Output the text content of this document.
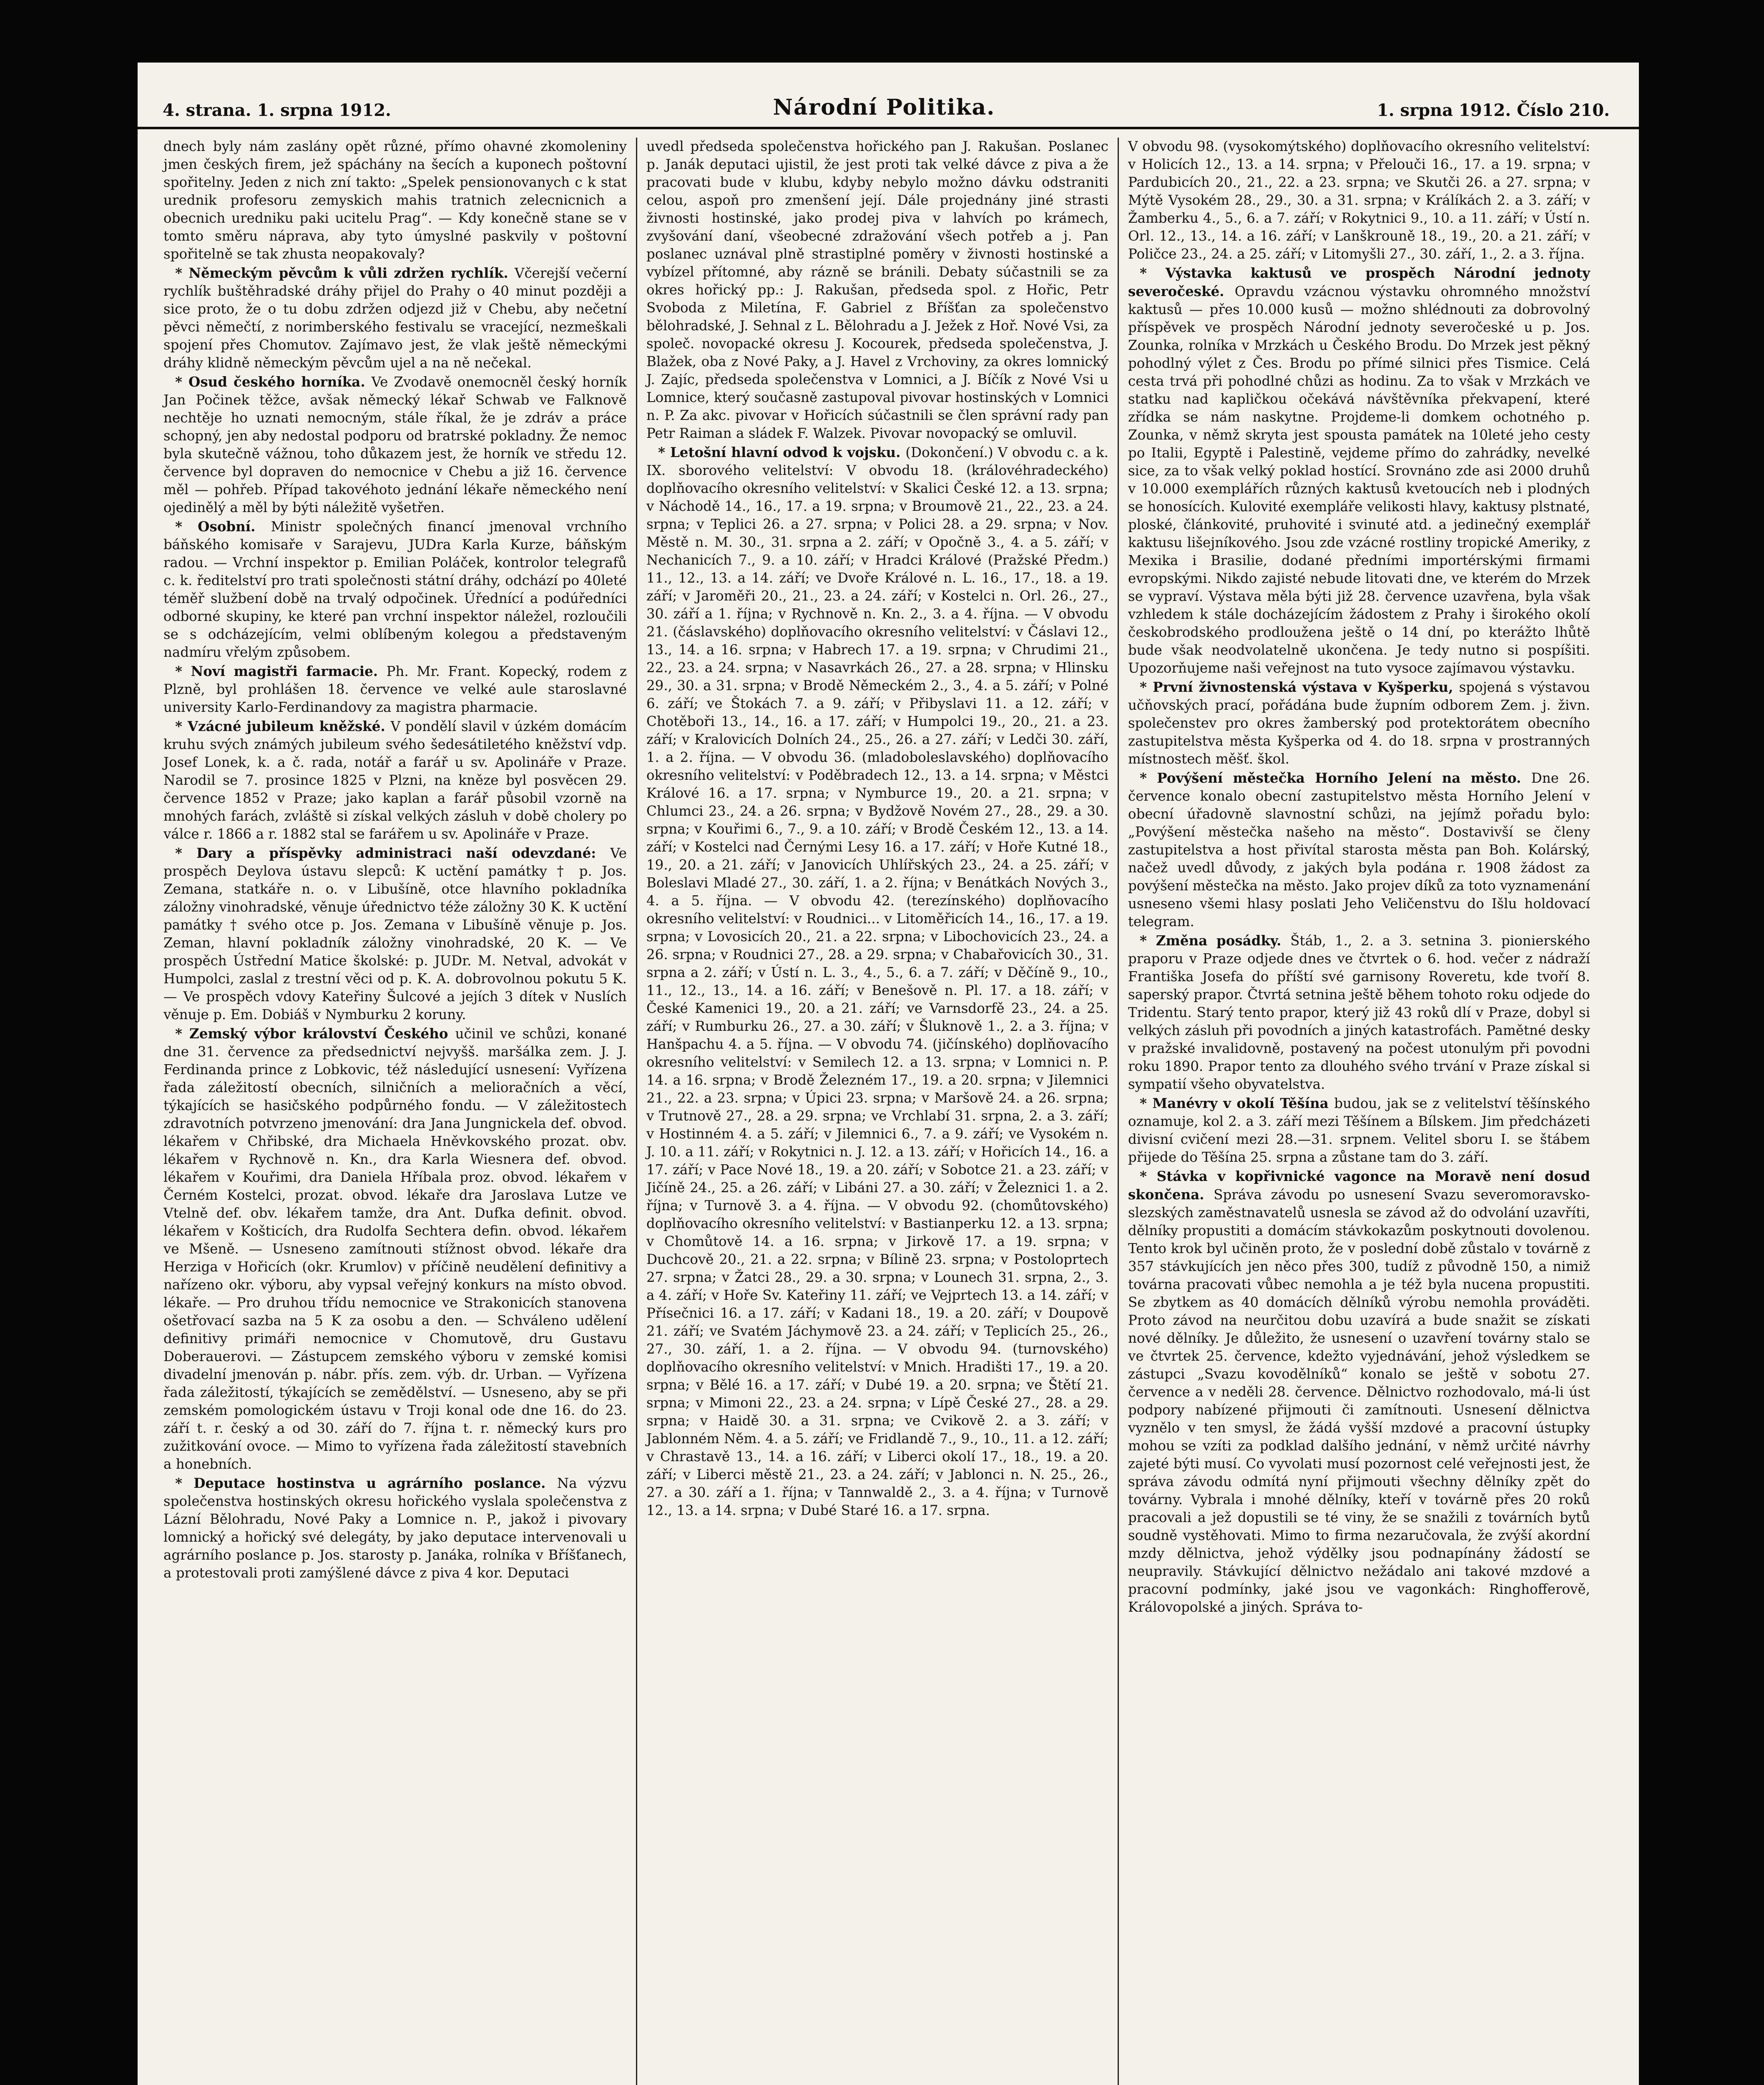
4. strana. 1. srpna 1912.	Národní Politika.	1. srpna 1912. Číslo 210.

dnech byly nám zaslány opět různé, přímo ohavné zkomoleniny jmen českých firem, jež spáchány na šecích a kuponech poštovní spořitelny. Jeden z nich zní takto: „Spelek pensionovanych c k stat urednik profesoru zemyskich mahis tratnich zelecnicnich a obecnich uredniku paki ucitelu Prag“. — Kdy konečně stane se v tomto směru náprava, aby tyto úmyslné paskvily v poštovní spořitelně se tak zhusta neopakovaly?

* Německým pěvcům k vůli zdržen rychlík. Včerejší večerní rychlík buštěhradské dráhy přijel do Prahy o 40 minut později a sice proto, že o tu dobu zdržen odjezd již v Chebu, aby nečetní pěvci němečtí, z norimberského festivalu se vracející, nezmeškali spojení přes Chomutov. Zajímavo jest, že vlak ještě německými dráhy klidně německým pěvcům ujel a na ně nečekal.

* Osud českého horníka. Ve Zvodavě onemocněl český horník Jan Počinek těžce, avšak německý lékař Schwab ve Falknově nechtěje ho uznati nemocným, stále říkal, že je zdráv a práce schopný, jen aby nedostal podporu od bratrské pokladny. Že nemoc byla skutečně vážnou, toho důkazem jest, že horník ve středu 12. července byl dopraven do nemocnice v Chebu a již 16. července měl — pohřeb. Případ takovéhoto jednání lékaře německého není ojedinělý a měl by býti náležitě vyšetřen.

* Osobní. Ministr společných financí jmenoval vrchního báňského komisaře v Sarajevu, JUDra Karla Kurze, báňským radou. — Vrchní inspektor p. Emilian Poláček, kontrolor telegrafů c. k. ředitelství pro trati společnosti státní dráhy, odchází po 40leté téměř službení době na trvalý odpočinek. Úřednící a podúředníci odborné skupiny, ke které pan vrchní inspektor náležel, rozloučili se s odcházejícím, velmi oblíbeným kolegou a představeným nadmíru vřelým způsobem.

* Noví magistři farmacie. Ph. Mr. Frant. Kopecký, rodem z Plzně, byl prohlášen 18. července ve velké aule staroslavné university Karlo-Ferdinandovy za magistra pharmacie.

* Vzácné jubileum kněžské. V pondělí slavil v úzkém domácím kruhu svých známých jubileum svého šedesátiletého kněžství vdp. Josef Lonek, k. a č. rada, notář a farář u sv. Apolináře v Praze. Narodil se 7. prosince 1825 v Plzni, na kněze byl posvěcen 29. července 1852 v Praze; jako kaplan a farář působil vzorně na mnohých farách, zvláště si získal velkých zásluh v době cholery po válce r. 1866 a r. 1882 stal se farářem u sv. Apolináře v Praze.

* Dary a příspěvky administraci naší odevzdané: Ve prospěch Deylova ústavu slepců: K uctění památky † p. Jos. Zemana, statkáře n. o. v Libušíně, otce hlavního pokladníka záložny vinohradské, věnuje úřednictvo téže záložny 30 K. K uctění památky † svého otce p. Jos. Zemana v Libušíně věnuje p. Jos. Zeman, hlavní pokladník záložny vinohradské, 20 K. — Ve prospěch Ústřední Matice školské: p. JUDr. M. Netval, advokát v Humpolci, zaslal z trestní věci od p. K. A. dobrovolnou pokutu 5 K. — Ve prospěch vdovy Kateřiny Šulcové a jejích 3 dítek v Nuslích věnuje p. Em. Dobiáš v Nymburku 2 koruny.

* Zemský výbor království Českého učinil ve schůzi, konané dne 31. července za předsednictví nejvyšš. maršálka zem. J. J. Ferdinanda prince z Lobkovic, též následující usnesení: Vyřízena řada záležitostí obecních, silničních a melioračních a věcí, týkajících se hasičského podpůrného fondu. — V záležitostech zdravotních potvrzeno jmenování: dra Jana Jungnickela def. obvod. lékařem v Chřibské, dra Michaela Hněvkovského prozat. obv. lékařem v Rychnově n. Kn., dra Karla Wiesnera def. obvod. lékařem v Kouřimi, dra Daniela Hříbala proz. obvod. lékařem v Černém Kostelci, prozat. obvod. lékaře dra Jaroslava Lutze ve Vtelně def. obv. lékařem tamže, dra Ant. Dufka definit. obvod. lékařem v Košticích, dra Rudolfa Sechtera defin. obvod. lékařem ve Mšeně. — Usneseno zamítnouti stížnost obvod. lékaře dra Herziga v Hořicích (okr. Krumlov) v příčině neudělení definitivy a nařízeno okr. výboru, aby vypsal veřejný konkurs na místo obvod. lékaře. — Pro druhou třídu nemocnice ve Strakonicích stanovena ošetřovací sazba na 5 K za osobu a den. — Schváleno udělení definitivy primáři nemocnice v Chomutově, dru Gustavu Doberauerovi. — Zástupcem zemského výboru v zemské komisi divadelní jmenován p. nábr. přís. zem. výb. dr. Urban. — Vyřízena řada záležitostí, týkajících se zemědělství. — Usneseno, aby se při zemském pomologickém ústavu v Troji konal ode dne 16. do 23. září t. r. český a od 30. září do 7. října t. r. německý kurs pro zužitkování ovoce. — Mimo to vyřízena řada záležitostí stavebních a honebních.

* Deputace hostinstva u agrárního poslance. Na výzvu společenstva hostinských okresu hořického vyslala společenstva z Lázní Bělohradu, Nové Paky a Lomnice n. P., jakož i pivovary lomnický a hořický své delegáty, by jako deputace intervenovali u agrárního poslance p. Jos. starosty p. Janáka, rolníka v Bříšťanech, a protestovali proti zamýšlené dávce z piva 4 kor. Deputaci

uvedl předseda společenstva hořického pan J. Rakušan. Poslanec p. Janák deputaci ujistil, že jest proti tak velké dávce z piva a že pracovati bude v klubu, kdyby nebylo možno dávku odstraniti celou, aspoň pro zmenšení její. Dále projednány jiné strasti živnosti hostinské, jako prodej piva v lahvích po krámech, zvyšování daní, všeobecné zdražování všech potřeb a j. Pan poslanec uznával plně strastiplné poměry v živnosti hostinské a vybízel přítomné, aby rázně se bránili. Debaty súčastnili se za okres hořický pp.: J. Rakušan, předseda spol. z Hořic, Petr Svoboda z Miletína, F. Gabriel z Bříšťan za společenstvo bělohradské, J. Sehnal z L. Bělohradu a J. Ježek z Hoř. Nové Vsi, za společ. novopacké okresu J. Kocourek, předseda společenstva, J. Blažek, oba z Nové Paky, a J. Havel z Vrchoviny, za okres lomnický J. Zajíc, předseda společenstva v Lomnici, a J. Bíčík z Nové Vsi u Lomnice, který současně zastupoval pivovar hostinských v Lomnici n. P. Za akc. pivovar v Hořicích súčastnili se člen správní rady pan Petr Raiman a sládek F. Walzek. Pivovar novopacký se omluvil.

* Letošní hlavní odvod k vojsku. (Dokončení.) V obvodu c. a k. IX. sborového velitelství: V obvodu 18. (královéhradeckého) doplňovacího okresního velitelství: v Skalici České 12. a 13. srpna; v Náchodě 14., 16., 17. a 19. srpna; v Broumově 21., 22., 23. a 24. srpna; v Teplici 26. a 27. srpna; v Polici 28. a 29. srpna; v Nov. Městě n. M. 30., 31. srpna a 2. září; v Opočně 3., 4. a 5. září; v Nechanicích 7., 9. a 10. září; v Hradci Králové (Pražské Předm.) 11., 12., 13. a 14. září; ve Dvoře Králové n. L. 16., 17., 18. a 19. září; v Jaroměři 20., 21., 23. a 24. září; v Kostelci n. Orl. 26., 27., 30. září a 1. října; v Rychnově n. Kn. 2., 3. a 4. října. — V obvodu 21. (čáslavského) doplňovacího okresního velitelství: v Čáslavi 12., 13., 14. a 16. srpna; v Habrech 17. a 19. srpna; v Chrudimi 21., 22., 23. a 24. srpna; v Nasavrkách 26., 27. a 28. srpna; v Hlinsku 29., 30. a 31. srpna; v Brodě Německém 2., 3., 4. a 5. září; v Polné 6. září; ve Štokách 7. a 9. září; v Přibyslavi 11. a 12. září; v Chotěboři 13., 14., 16. a 17. září; v Humpolci 19., 20., 21. a 23. září; v Kralovicích Dolních 24., 25., 26. a 27. září; v Ledči 30. září, 1. a 2. října. — V obvodu 36. (mladoboleslavského) doplňovacího okresního velitelství: v Poděbradech 12., 13. a 14. srpna; v Městci Králové 16. a 17. srpna; v Nymburce 19., 20. a 21. srpna; v Chlumci 23., 24. a 26. srpna; v Bydžově Novém 27., 28., 29. a 30. srpna; v Kouřimi 6., 7., 9. a 10. září; v Brodě Českém 12., 13. a 14. září; v Kostelci nad Černými Lesy 16. a 17. září; v Hoře Kutné 18., 19., 20. a 21. září; v Janovicích Uhlířských 23., 24. a 25. září; v Boleslavi Mladé 27., 30. září, 1. a 2. října; v Benátkách Nových 3., 4. a 5. října. — V obvodu 42. (terezínského) doplňovacího okresního velitelství: v Roudnici... v Litoměřicích 14., 16., 17. a 19. srpna; v Lovosicích 20., 21. a 22. srpna; v Libochovicích 23., 24. a 26. srpna; v Roudnici 27., 28. a 29. srpna; v Chabařovicích 30., 31. srpna a 2. září; v Ústí n. L. 3., 4., 5., 6. a 7. září; v Děčíně 9., 10., 11., 12., 13., 14. a 16. září; v Benešově n. Pl. 17. a 18. září; v České Kamenici 19., 20. a 21. září; ve Varnsdorfě 23., 24. a 25. září; v Rumburku 26., 27. a 30. září; v Šluknově 1., 2. a 3. října; v Hanšpachu 4. a 5. října. — V obvodu 74. (jičínského) doplňovacího okresního velitelství: v Semilech 12. a 13. srpna; v Lomnici n. P. 14. a 16. srpna; v Brodě Železném 17., 19. a 20. srpna; v Jilemnici 21., 22. a 23. srpna; v Úpici 23. srpna; v Maršově 24. a 26. srpna; v Trutnově 27., 28. a 29. srpna; ve Vrchlabí 31. srpna, 2. a 3. září; v Hostinném 4. a 5. září; v Jilemnici 6., 7. a 9. září; ve Vysokém n. J. 10. a 11. září; v Rokytnici n. J. 12. a 13. září; v Hořicích 14., 16. a 17. září; v Pace Nové 18., 19. a 20. září; v Sobotce 21. a 23. září; v Jičíně 24., 25. a 26. září; v Libáni 27. a 30. září; v Železnici 1. a 2. října; v Turnově 3. a 4. října. — V obvodu 92. (chomůtovského) doplňovacího okresního velitelství: v Bastianperku 12. a 13. srpna; v Chomůtově 14. a 16. srpna; v Jirkově 17. a 19. srpna; v Duchcově 20., 21. a 22. srpna; v Bílině 23. srpna; v Postoloprtech 27. srpna; v Žatci 28., 29. a 30. srpna; v Lounech 31. srpna, 2., 3. a 4. září; v Hoře Sv. Kateřiny 11. září; ve Vejprtech 13. a 14. září; v Přísečnici 16. a 17. září; v Kadani 18., 19. a 20. září; v Doupově 21. září; ve Svatém Jáchymově 23. a 24. září; v Teplicích 25., 26., 27., 30. září, 1. a 2. října. — V obvodu 94. (turnovského) doplňovacího okresního velitelství: v Mnich. Hradišti 17., 19. a 20. srpna; v Bělé 16. a 17. září; v Dubé 19. a 20. srpna; ve Štětí 21. srpna; v Mimoni 22., 23. a 24. srpna; v Lípě České 27., 28. a 29. srpna; v Haidě 30. a 31. srpna; ve Cvikově 2. a 3. září; v Jablonném Něm. 4. a 5. září; ve Fridlandě 7., 9., 10., 11. a 12. září; v Chrastavě 13., 14. a 16. září; v Liberci okolí 17., 18., 19. a 20. září; v Liberci městě 21., 23. a 24. září; v Jablonci n. N. 25., 26., 27. a 30. září a 1. října; v Tannwaldě 2., 3. a 4. října; v Turnově 12., 13. a 14. srpna; v Dubé Staré 16. a 17. srpna.

V obvodu 98. (vysokomýtského) doplňovacího okresního velitelství: v Holicích 12., 13. a 14. srpna; v Přelouči 16., 17. a 19. srpna; v Pardubicích 20., 21., 22. a 23. srpna; ve Skutči 26. a 27. srpna; v Mýtě Vysokém 28., 29., 30. a 31. srpna; v Králíkách 2. a 3. září; v Žamberku 4., 5., 6. a 7. září; v Rokytnici 9., 10. a 11. září; v Ústí n. Orl. 12., 13., 14. a 16. září; v Lanškrouně 18., 19., 20. a 21. září; v Poličce 23., 24. a 25. září; v Litomyšli 27., 30. září, 1., 2. a 3. října.

* Výstavka kaktusů ve prospěch Národní jednoty severočeské. Opravdu vzácnou výstavku ohromného množství kaktusů — přes 10.000 kusů — možno shlédnouti za dobrovolný příspěvek ve prospěch Národní jednoty severočeské u p. Jos. Zounka, rolníka v Mrzkách u Českého Brodu. Do Mrzek jest pěkný pohodlný výlet z Čes. Brodu po přímé silnici přes Tismice. Celá cesta trvá při pohodlné chůzi as hodinu. Za to však v Mrzkách ve statku nad kapličkou očekává návštěvníka překvapení, které zřídka se nám naskytne. Projdeme-li domkem ochotného p. Zounka, v němž skryta jest spousta památek na 10leté jeho cesty po Italii, Egyptě i Palestině, vejdeme přímo do zahrádky, nevelké sice, za to však velký poklad hostící. Srovnáno zde asi 2000 druhů v 10.000 exemplářích různých kaktusů kvetoucích neb i plodných se honosících. Kulovité exempláře velikosti hlavy, kaktusy plstnaté, ploské, článkovité, pruhovité i svinuté atd. a jedinečný exemplář kaktusu lišejníkového. Jsou zde vzácné rostliny tropické Ameriky, z Mexika i Brasilie, dodané předními importérskými firmami evropskými. Nikdo zajisté nebude litovati dne, ve kterém do Mrzek se vypraví. Výstava měla býti již 28. července uzavřena, byla však vzhledem k stále docházejícím žádostem z Prahy i širokého okolí českobrodského prodloužena ještě o 14 dní, po kterážto lhůtě bude však neodvolatelně ukončena. Je tedy nutno si pospíšiti. Upozorňujeme naši veřejnost na tuto vysoce zajímavou výstavku.

* První živnostenská výstava v Kyšperku, spojená s výstavou učňovských prací, pořádána bude župním odborem Zem. j. živn. společenstev pro okres žamberský pod protektorátem obecního zastupitelstva města Kyšperka od 4. do 18. srpna v prostranných místnostech měšť. škol.

* Povýšení městečka Horního Jelení na město. Dne 26. července konalo obecní zastupitelstvo města Horního Jelení v obecní úřadovně slavnostní schůzi, na jejímž pořadu bylo: „Povýšení městečka našeho na město“. Dostavivší se členy zastupitelstva a host přivítal starosta města pan Boh. Kolárský, načež uvedl důvody, z jakých byla podána r. 1908 žádost za povýšení městečka na město. Jako projev díků za toto vyznamenání usneseno všemi hlasy poslati Jeho Veličenstvu do Išlu holdovací telegram.

* Změna posádky. Štáb, 1., 2. a 3. setnina 3. pionierského praporu v Praze odjede dnes ve čtvrtek o 6. hod. večer z nádraží Františka Josefa do příští své garnisony Roveretu, kde tvoří 8. saperský prapor. Čtvrtá setnina ještě během tohoto roku odjede do Tridentu. Starý tento prapor, který již 43 roků dlí v Praze, dobyl si velkých zásluh při povodních a jiných katastrofách. Pamětné desky v pražské invalidovně, postavený na počest utonulým při povodni roku 1890. Prapor tento za dlouhého svého trvání v Praze získal si sympatií všeho obyvatelstva.

* Manévry v okolí Těšína budou, jak se z velitelství těšínského oznamuje, kol 2. a 3. září mezi Těšínem a Bílskem. Jim předcházeti divisní cvičení mezi 28.—31. srpnem. Velitel sboru I. se štábem přijede do Těšína 25. srpna a zůstane tam do 3. září.

* Stávka v kopřivnické vagonce na Moravě není dosud skončena. Správa závodu po usnesení Svazu severomoravsko-slezských zaměstnavatelů usnesla se závod až do odvolání uzavříti, dělníky propustiti a domácím stávkokazům poskytnouti dovolenou. Tento krok byl učiněn proto, že v poslední době zůstalo v továrně z 357 stávkujících jen něco přes 300, tudíž z původně 150, a nimiž továrna pracovati vůbec nemohla a je též byla nucena propustiti. Se zbytkem as 40 domácích dělníků výrobu nemohla prováděti. Proto závod na neurčitou dobu uzavírá a bude snažit se získati nové dělníky. Je důležito, že usnesení o uzavření továrny stalo se ve čtvrtek 25. července, kdežto vyjednávání, jehož výsledkem se zástupci „Svazu kovodělníků“ konalo se ještě v sobotu 27. července a v neděli 28. července. Dělnictvo rozhodovalo, má-li úst podpory nabízené přijmouti či zamítnouti. Usnesení dělnictva vyznělo v ten smysl, že žádá vyšší mzdové a pracovní ústupky mohou se vzíti za podklad dalšího jednání, v němž určité návrhy zajeté býti musí. Co vyvolati musí pozornost celé veřejnosti jest, že správa závodu odmítá nyní přijmouti všechny dělníky zpět do továrny. Vybrala i mnohé dělníky, kteří v továrně přes 20 roků pracovali a jež dopustili se té viny, že se snažili z továrních bytů soudně vystěhovati. Mimo to firma nezaručovala, že zvýší akordní mzdy dělnictva, jehož výdělky jsou podnapínány žádostí se neupravily. Stávkující dělnictvo nežádalo ani takové mzdové a pracovní podmínky, jaké jsou ve vagonkách: Ringhofferově, Královopolské a jiných. Správa to-
